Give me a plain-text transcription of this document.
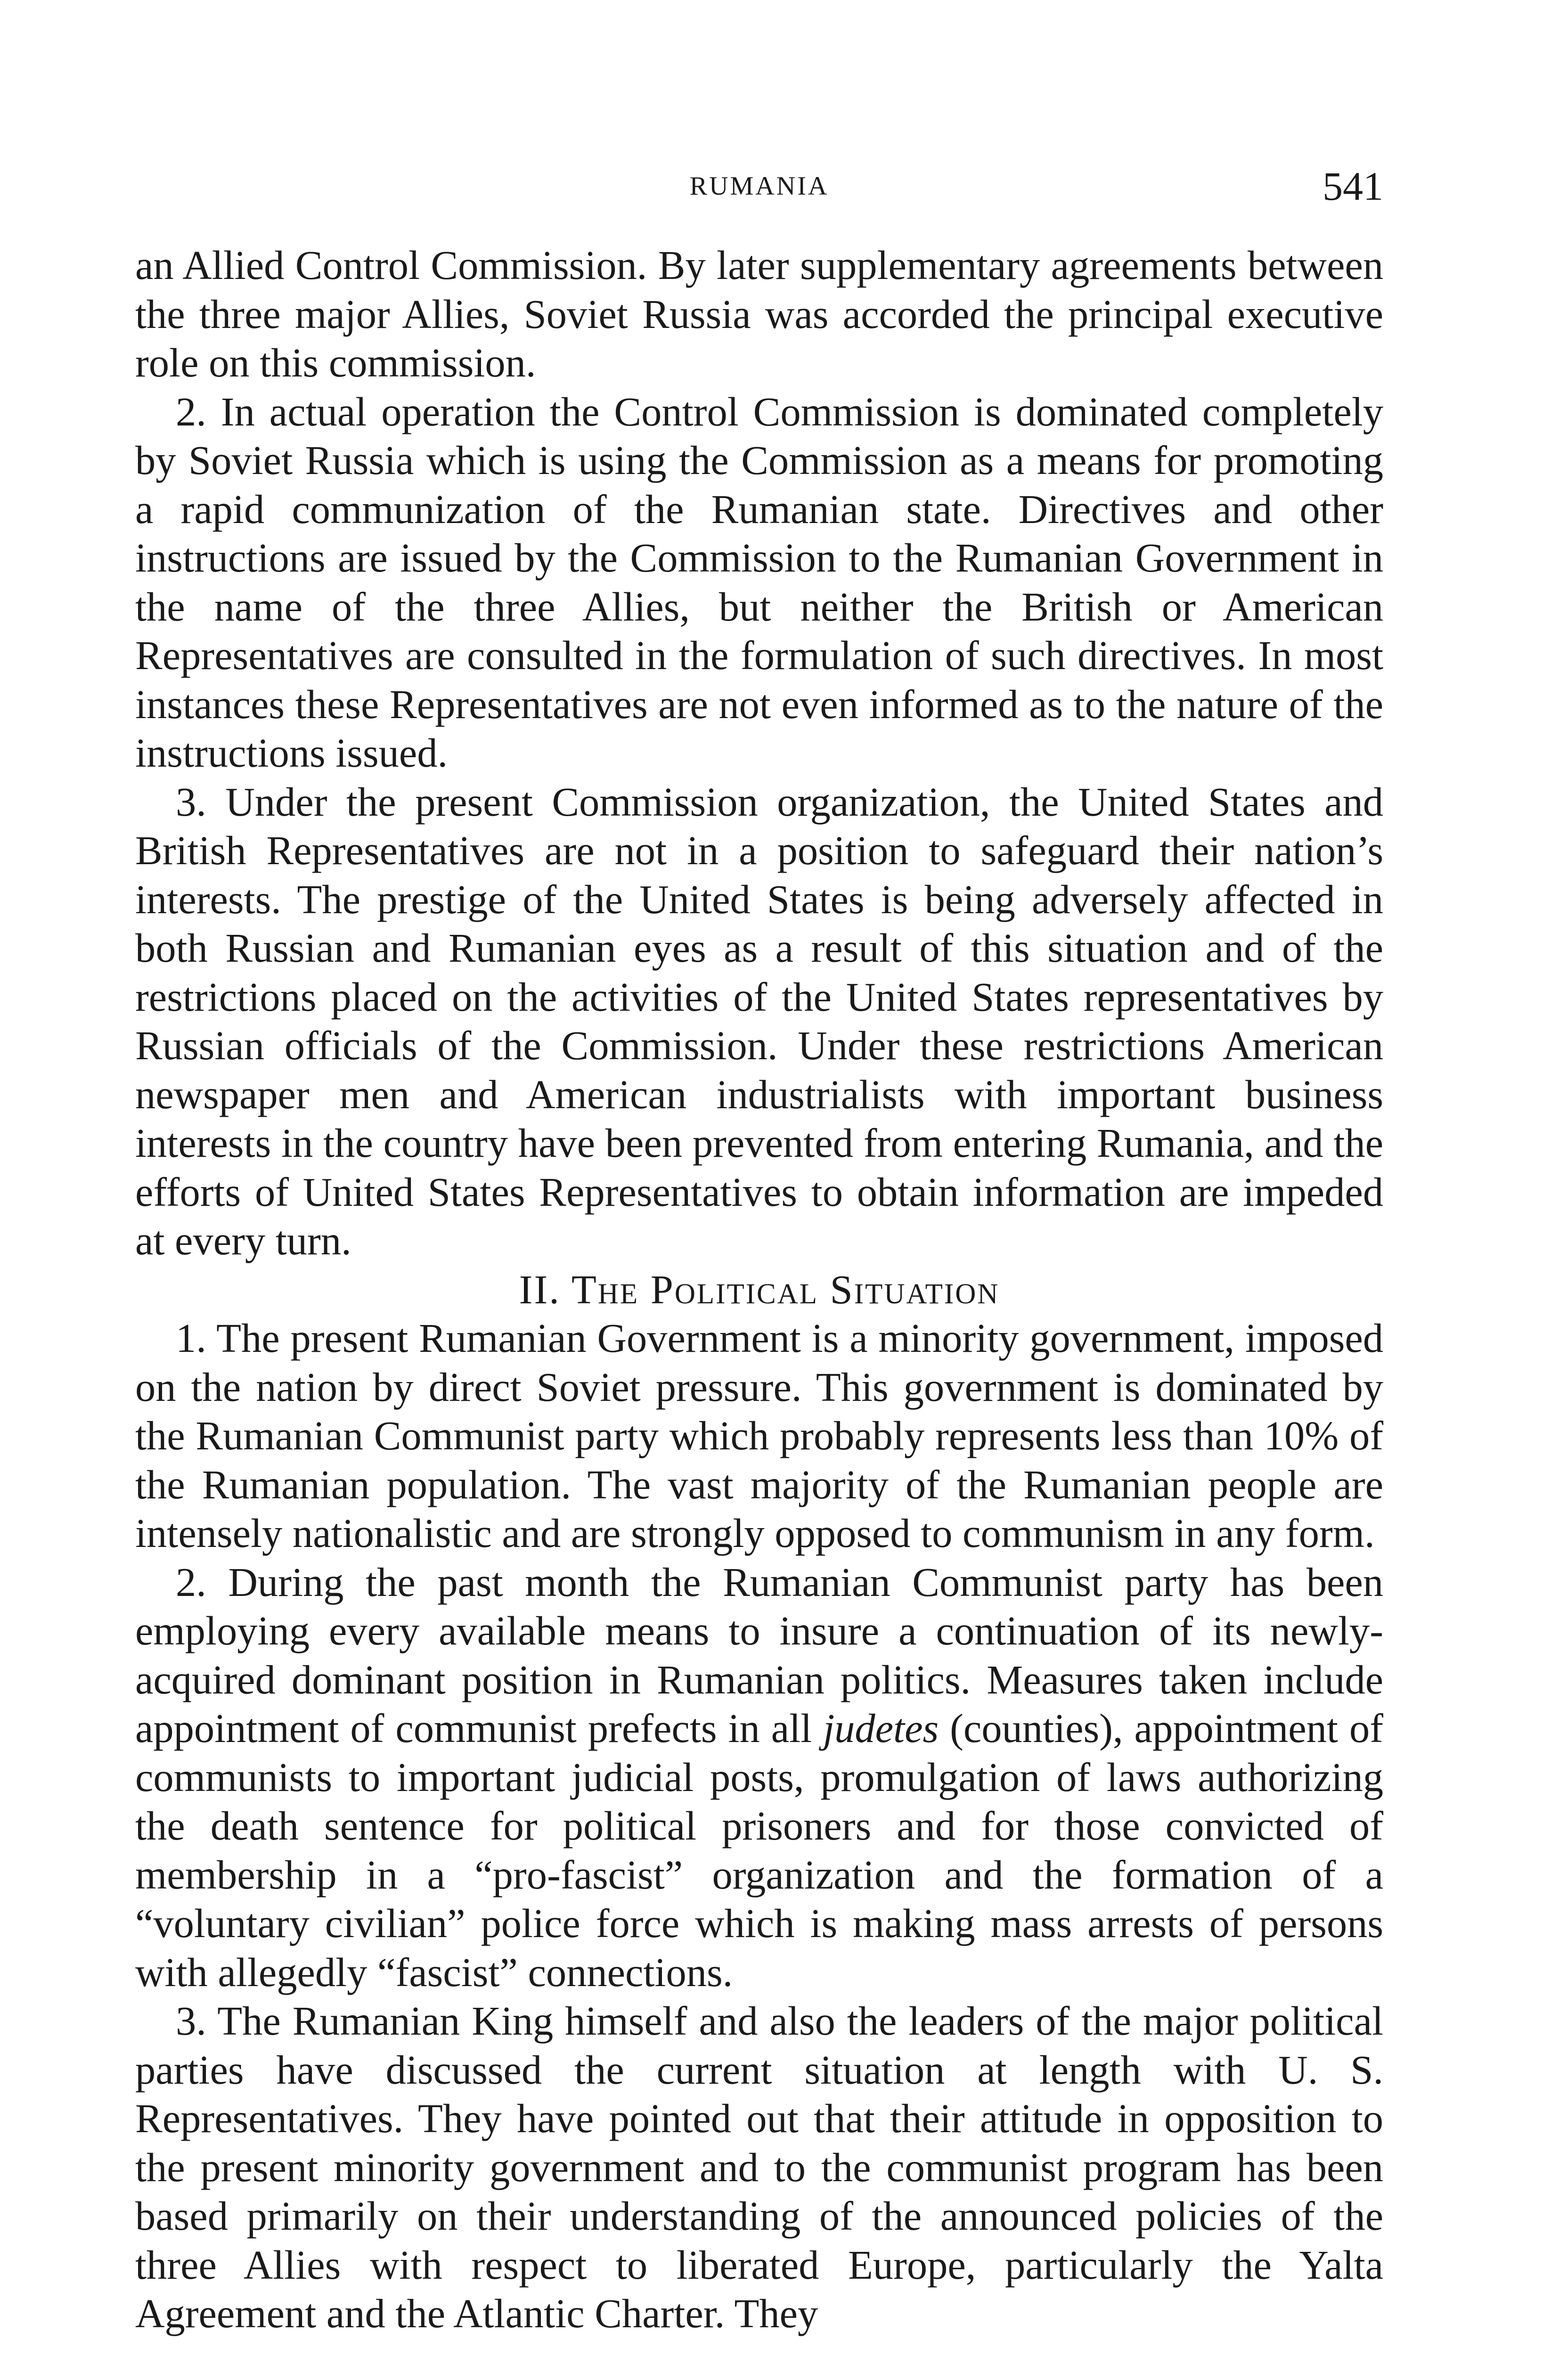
RUMANIA	541

an Allied Control Commission. By later supplementary agreements between the three major Allies, Soviet Russia was accorded the principal executive role on this commission.

2. In actual operation the Control Commission is dominated completely by Soviet Russia which is using the Commission as a means for promoting a rapid communization of the Rumanian state. Directives and other instructions are issued by the Commission to the Rumanian Government in the name of the three Allies, but neither the British or American Representatives are consulted in the formulation of such directives. In most instances these Representatives are not even informed as to the nature of the instructions issued.

3. Under the present Commission organization, the United States and British Representatives are not in a position to safeguard their nation’s interests. The prestige of the United States is being adversely affected in both Russian and Rumanian eyes as a result of this situation and of the restrictions placed on the activities of the United States representatives by Russian officials of the Commission. Under these restrictions American newspaper men and American industrialists with important business interests in the country have been prevented from entering Rumania, and the efforts of United States Representatives to obtain information are impeded at every turn.

II. The Political Situation

1. The present Rumanian Government is a minority government, imposed on the nation by direct Soviet pressure. This government is dominated by the Rumanian Communist party which probably represents less than 10% of the Rumanian population. The vast majority of the Rumanian people are intensely nationalistic and are strongly opposed to communism in any form.

2. During the past month the Rumanian Communist party has been employing every available means to insure a continuation of its newly-acquired dominant position in Rumanian politics. Measures taken include appointment of communist prefects in all judetes (counties), appointment of communists to important judicial posts, promulgation of laws authorizing the death sentence for political prisoners and for those convicted of membership in a “pro-fascist” organization and the formation of a “voluntary civilian” police force which is making mass arrests of persons with allegedly “fascist” connections.

3. The Rumanian King himself and also the leaders of the major political parties have discussed the current situation at length with U. S. Representatives. They have pointed out that their attitude in opposition to the present minority government and to the communist program has been based primarily on their understanding of the announced policies of the three Allies with respect to liberated Europe, particularly the Yalta Agreement and the Atlantic Charter. They
